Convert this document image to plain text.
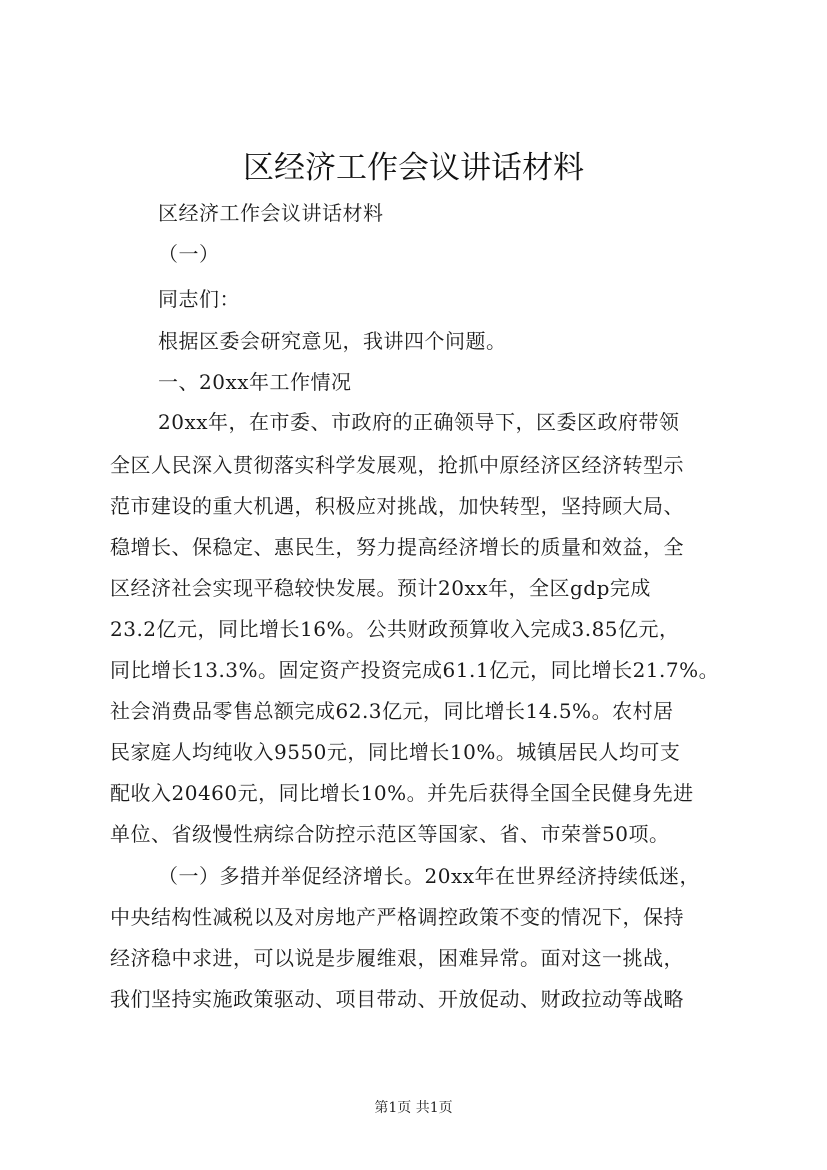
区经济工作会议讲话材料

区经济工作会议讲话材料

（一）

同志们：

根据区委会研究意见，我讲四个问题。

一、20xx年工作情况

20xx年，在市委、市政府的正确领导下，区委区政府带领

全区人民深入贯彻落实科学发展观，抢抓中原经济区经济转型示

范市建设的重大机遇，积极应对挑战，加快转型，坚持顾大局、

稳增长、保稳定、惠民生，努力提高经济增长的质量和效益，全

区经济社会实现平稳较快发展。预计20xx年，全区gdp完成

23.2亿元，同比增长16%。公共财政预算收入完成3.85亿元，

同比增长13.3%。固定资产投资完成61.1亿元，同比增长21.7%。

社会消费品零售总额完成62.3亿元，同比增长14.5%。农村居

民家庭人均纯收入9550元，同比增长10%。城镇居民人均可支

配收入20460元，同比增长10%。并先后获得全国全民健身先进

单位、省级慢性病综合防控示范区等国家、省、市荣誉50项。

（一）多措并举促经济增长。20xx年在世界经济持续低迷，

中央结构性减税以及对房地产严格调控政策不变的情况下，保持

经济稳中求进，可以说是步履维艰，困难异常。面对这一挑战，

我们坚持实施政策驱动、项目带动、开放促动、财政拉动等战略

第1页 共1页
